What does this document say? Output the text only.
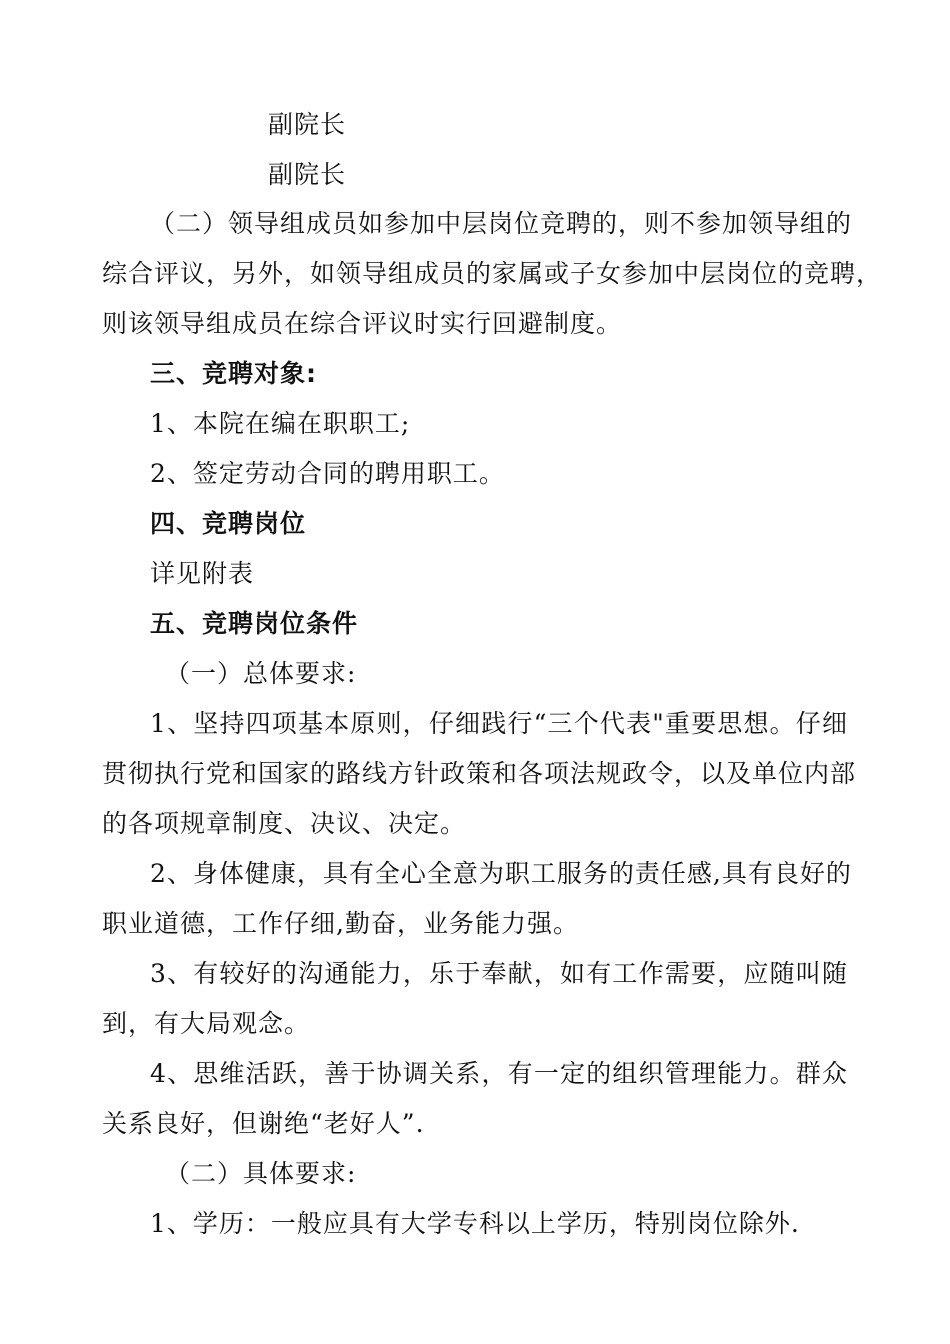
副院长
副院长
（二）领导组成员如参加中层岗位竞聘的，则不参加领导组的
综合评议，另外，如领导组成员的家属或子女参加中层岗位的竞聘，
则该领导组成员在综合评议时实行回避制度。
三、竞聘对象:
1、本院在编在职职工;
2、签定劳动合同的聘用职工。
四、竞聘岗位
详见附表
五、竞聘岗位条件
（一）总体要求:
1、坚持四项基本原则，仔细践行“三个代表"重要思想。仔细
贯彻执行党和国家的路线方针政策和各项法规政令，以及单位内部
的各项规章制度、决议、决定。
2、身体健康，具有全心全意为职工服务的责任感,具有良好的
职业道德，工作仔细,勤奋，业务能力强。
3、有较好的沟通能力，乐于奉献，如有工作需要，应随叫随
到，有大局观念。
4、思维活跃，善于协调关系，有一定的组织管理能力。群众
关系良好，但谢绝“老好人”.
（二）具体要求:
1、学历：一般应具有大学专科以上学历，特别岗位除外.
